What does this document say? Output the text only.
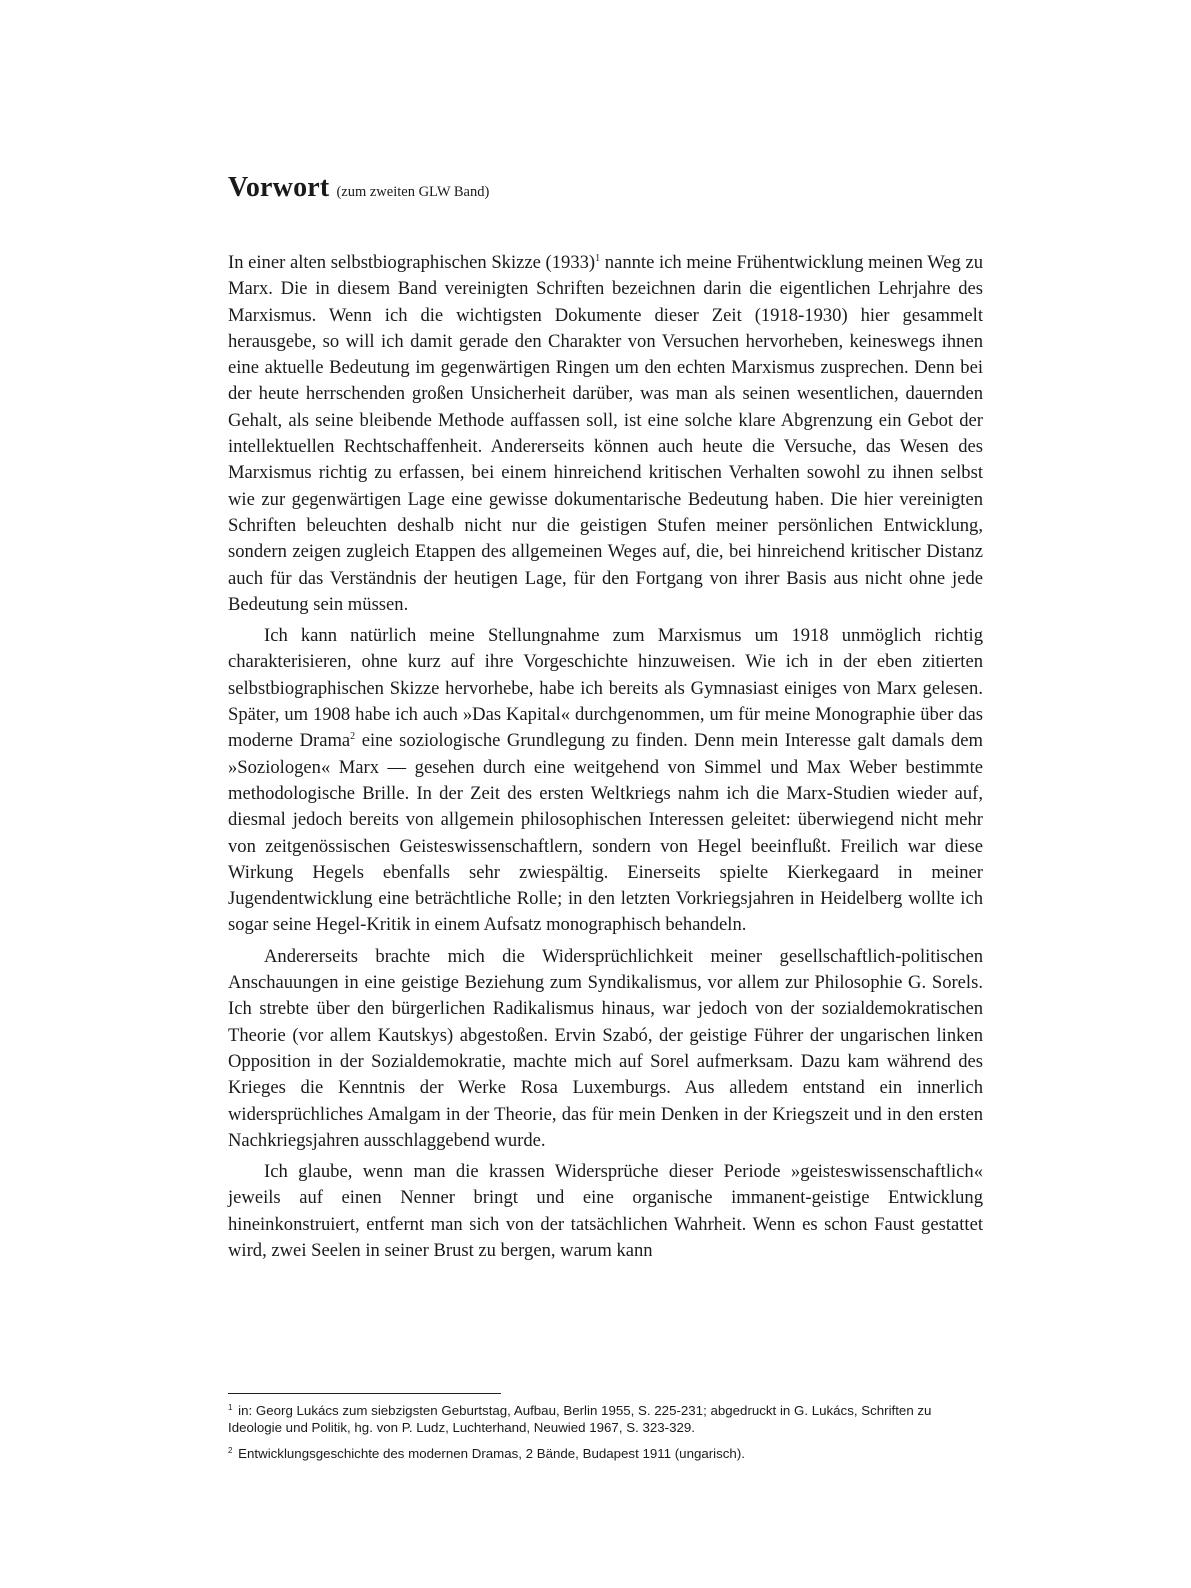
Vorwort (zum zweiten GLW Band)

In einer alten selbstbiographischen Skizze (1933)$^1$ nannte ich meine Frühentwicklung meinen Weg zu Marx. Die in diesem Band vereinigten Schriften bezeichnen darin die eigentlichen Lehrjahre des Marxismus. Wenn ich die wichtigsten Dokumente dieser Zeit (1918-1930) hier gesammelt herausgebe, so will ich damit gerade den Charakter von Versuchen hervorheben, keineswegs ihnen eine aktuelle Bedeutung im gegenwärtigen Ringen um den echten Marxismus zusprechen. Denn bei der heute herrschenden großen Unsicherheit darüber, was man als seinen wesentlichen, dauernden Gehalt, als seine bleibende Methode auffassen soll, ist eine solche klare Abgrenzung ein Gebot der intellektuellen Rechtschaffenheit. Andererseits können auch heute die Versuche, das Wesen des Marxismus richtig zu erfassen, bei einem hinreichend kritischen Verhalten sowohl zu ihnen selbst wie zur gegenwärtigen Lage eine gewisse dokumentarische Bedeutung haben. Die hier vereinigten Schriften beleuchten deshalb nicht nur die geistigen Stufen meiner persönlichen Entwicklung, sondern zeigen zugleich Etappen des allgemeinen Weges auf, die, bei hinreichend kritischer Distanz auch für das Verständnis der heutigen Lage, für den Fortgang von ihrer Basis aus nicht ohne jede Bedeutung sein müssen.

Ich kann natürlich meine Stellungnahme zum Marxismus um 1918 unmöglich richtig charakterisieren, ohne kurz auf ihre Vorgeschichte hinzuweisen. Wie ich in der eben zitierten selbstbiographischen Skizze hervorhebe, habe ich bereits als Gymnasiast einiges von Marx gelesen. Später, um 1908 habe ich auch »Das Kapital« durchgenommen, um für meine Monographie über das moderne Drama$^2$ eine soziologische Grundlegung zu finden. Denn mein Interesse galt damals dem »Soziologen« Marx — gesehen durch eine weitgehend von Simmel und Max Weber bestimmte methodologische Brille. In der Zeit des ersten Weltkriegs nahm ich die Marx-Studien wieder auf, diesmal jedoch bereits von allgemein philosophischen Interessen geleitet: überwiegend nicht mehr von zeitgenössischen Geisteswissenschaftlern, sondern von Hegel beeinflußt. Freilich war diese Wirkung Hegels ebenfalls sehr zwiespältig. Einerseits spielte Kierkegaard in meiner Jugendentwicklung eine beträchtliche Rolle; in den letzten Vorkriegsjahren in Heidelberg wollte ich sogar seine Hegel-Kritik in einem Aufsatz monographisch behandeln.

Andererseits brachte mich die Widersprüchlichkeit meiner gesellschaftlich-politischen Anschauungen in eine geistige Beziehung zum Syndikalismus, vor allem zur Philosophie G. Sorels. Ich strebte über den bürgerlichen Radikalismus hinaus, war jedoch von der sozialdemokratischen Theorie (vor allem Kautskys) abgestoßen. Ervin Szabó, der geistige Führer der ungarischen linken Opposition in der Sozialdemokratie, machte mich auf Sorel aufmerksam. Dazu kam während des Krieges die Kenntnis der Werke Rosa Luxemburgs. Aus alledem entstand ein innerlich widersprüchliches Amalgam in der Theorie, das für mein Denken in der Kriegszeit und in den ersten Nachkriegsjahren ausschlaggebend wurde.

Ich glaube, wenn man die krassen Widersprüche dieser Periode »geisteswissenschaftlich« jeweils auf einen Nenner bringt und eine organische immanent-geistige Entwicklung hineinkonstruiert, entfernt man sich von der tatsächlichen Wahrheit. Wenn es schon Faust gestattet wird, zwei Seelen in seiner Brust zu bergen, warum kann

$^1$ in: Georg Lukács zum siebzigsten Geburtstag, Aufbau, Berlin 1955, S. 225-231; abgedruckt in G. Lukács, Schriften zu Ideologie und Politik, hg. von P. Ludz, Luchterhand, Neuwied 1967, S. 323-329.
$^2$ Entwicklungsgeschichte des modernen Dramas, 2 Bände, Budapest 1911 (ungarisch).
